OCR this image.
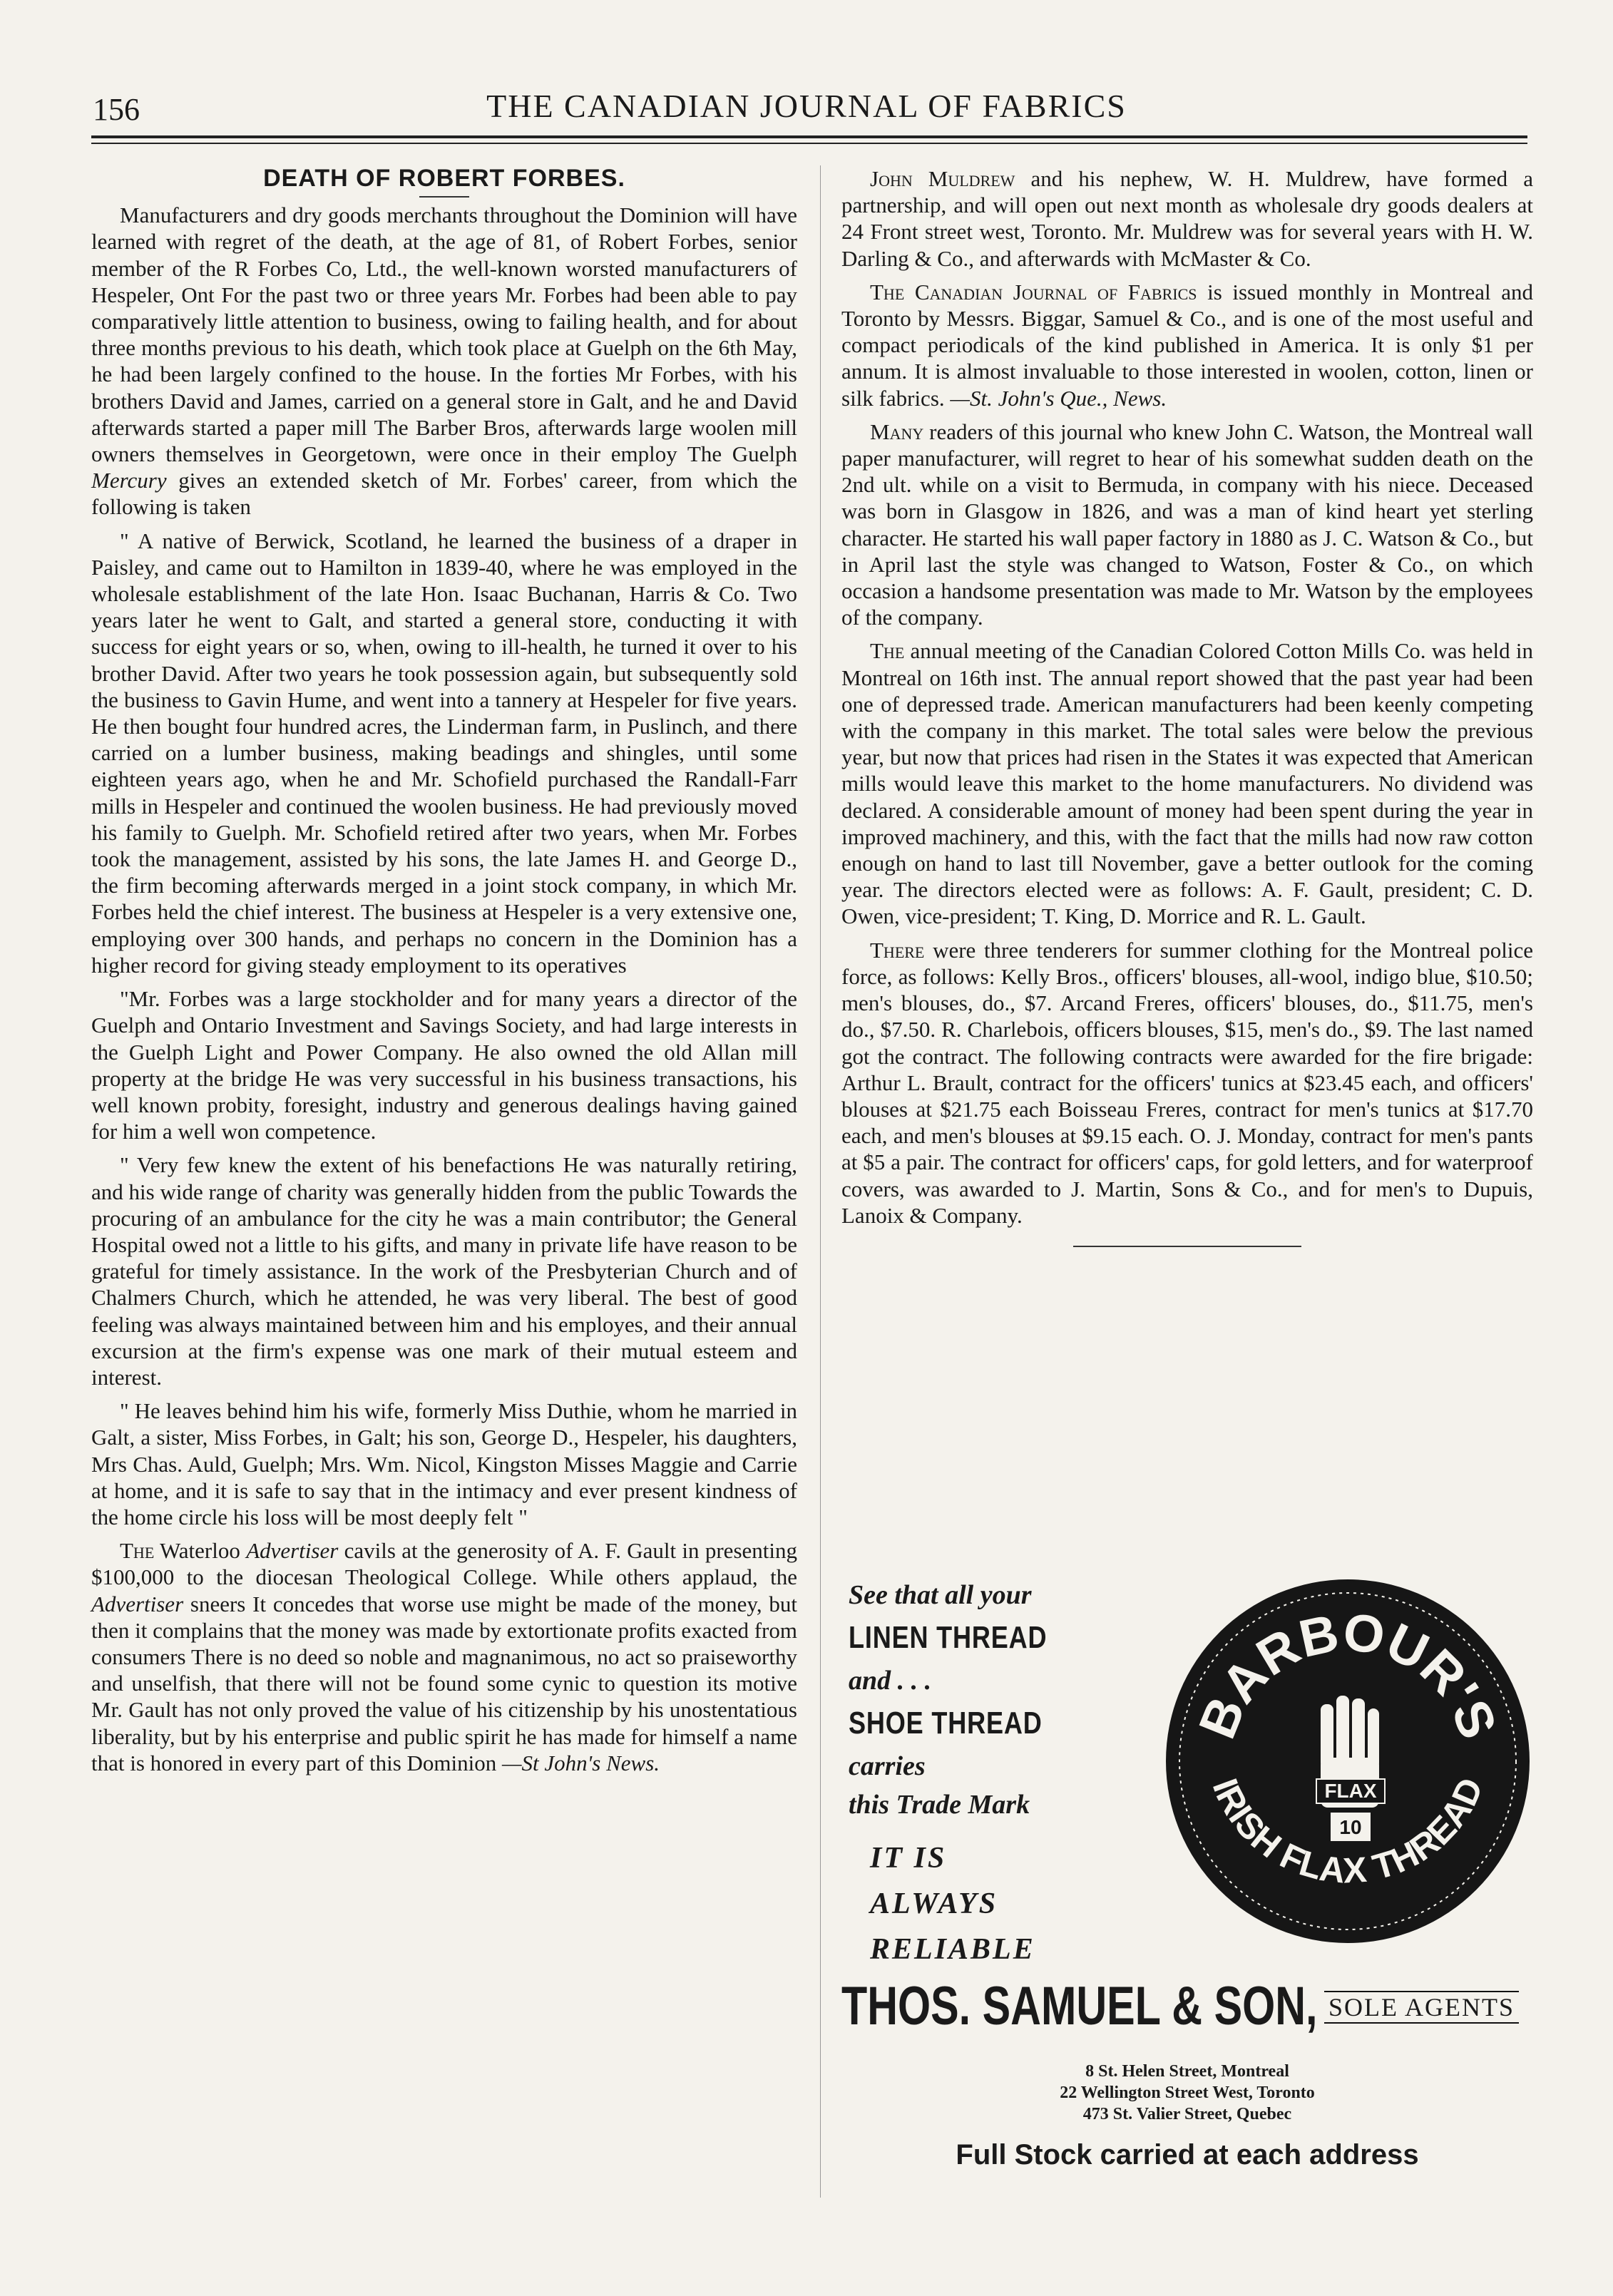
156	THE CANADIAN JOURNAL OF FABRICS
DEATH OF ROBERT FORBES.

Manufacturers and dry goods merchants throughout the Dominion will have learned with regret of the death, at the age of 81, of Robert Forbes, senior member of the R Forbes Co, Ltd., the well-known worsted manufacturers of Hespeler, Ont For the past two or three years Mr. Forbes had been able to pay comparatively little attention to business, owing to failing health, and for about three months previous to his death, which took place at Guelph on the 6th May, he had been largely confined to the house. In the forties Mr Forbes, with his brothers David and James, carried on a general store in Galt, and he and David afterwards started a paper mill The Barber Bros, afterwards large woolen mill owners themselves in Georgetown, were once in their employ The Guelph Mercury gives an extended sketch of Mr. Forbes' career, from which the following is taken

" A native of Berwick, Scotland, he learned the business of a draper in Paisley, and came out to Hamilton in 1839-40, where he was employed in the wholesale establishment of the late Hon. Isaac Buchanan, Harris & Co. Two years later he went to Galt, and started a general store, conducting it with success for eight years or so, when, owing to ill-health, he turned it over to his brother David. After two years he took possession again, but subsequently sold the business to Gavin Hume, and went into a tannery at Hespeler for five years. He then bought four hundred acres, the Linderman farm, in Puslinch, and there carried on a lumber business, making beadings and shingles, until some eighteen years ago, when he and Mr. Schofield purchased the Randall-Farr mills in Hespeler and continued the woolen business. He had previously moved his family to Guelph. Mr. Schofield retired after two years, when Mr. Forbes took the management, assisted by his sons, the late James H. and George D., the firm becoming afterwards merged in a joint stock company, in which Mr. Forbes held the chief interest. The business at Hespeler is a very extensive one, employing over 300 hands, and perhaps no concern in the Dominion has a higher record for giving steady employment to its operatives

"Mr. Forbes was a large stockholder and for many years a director of the Guelph and Ontario Investment and Savings Society, and had large interests in the Guelph Light and Power Company. He also owned the old Allan mill property at the bridge He was very successful in his business transactions, his well known probity, foresight, industry and generous dealings having gained for him a well won competence.

" Very few knew the extent of his benefactions He was naturally retiring, and his wide range of charity was generally hidden from the public Towards the procuring of an ambulance for the city he was a main contributor; the General Hospital owed not a little to his gifts, and many in private life have reason to be grateful for timely assistance. In the work of the Presbyterian Church and of Chalmers Church, which he attended, he was very liberal. The best of good feeling was always maintained between him and his employes, and their annual excursion at the firm's expense was one mark of their mutual esteem and interest.

" He leaves behind him his wife, formerly Miss Duthie, whom he married in Galt, a sister, Miss Forbes, in Galt; his son, George D., Hespeler, his daughters, Mrs Chas. Auld, Guelph; Mrs. Wm. Nicol, Kingston Misses Maggie and Carrie at home, and it is safe to say that in the intimacy and ever present kindness of the home circle his loss will be most deeply felt "

The Waterloo Advertiser cavils at the generosity of A. F. Gault in presenting $100,000 to the diocesan Theological College. While others applaud, the Advertiser sneers It concedes that worse use might be made of the money, but then it complains that the money was made by extortionate profits exacted from consumers There is no deed so noble and magnanimous, no act so praiseworthy and unselfish, that there will not be found some cynic to question its motive Mr. Gault has not only proved the value of his citizenship by his unostentatious liberality, but by his enterprise and public spirit he has made for himself a name that is honored in every part of this Dominion —St John's News.

John Muldrew and his nephew, W. H. Muldrew, have formed a partnership, and will open out next month as wholesale dry goods dealers at 24 Front street west, Toronto. Mr. Muldrew was for several years with H. W. Darling & Co., and afterwards with McMaster & Co.

The Canadian Journal of Fabrics is issued monthly in Montreal and Toronto by Messrs. Biggar, Samuel & Co., and is one of the most useful and compact periodicals of the kind published in America. It is only $1 per annum. It is almost invaluable to those interested in woolen, cotton, linen or silk fabrics. —St. John's Que., News.

Many readers of this journal who knew John C. Watson, the Montreal wall paper manufacturer, will regret to hear of his somewhat sudden death on the 2nd ult. while on a visit to Bermuda, in company with his niece. Deceased was born in Glasgow in 1826, and was a man of kind heart yet sterling character. He started his wall paper factory in 1880 as J. C. Watson & Co., but in April last the style was changed to Watson, Foster & Co., on which occasion a handsome presentation was made to Mr. Watson by the employees of the company.

The annual meeting of the Canadian Colored Cotton Mills Co. was held in Montreal on 16th inst. The annual report showed that the past year had been one of depressed trade. American manufacturers had been keenly competing with the company in this market. The total sales were below the previous year, but now that prices had risen in the States it was expected that American mills would leave this market to the home manufacturers. No dividend was declared. A considerable amount of money had been spent during the year in improved machinery, and this, with the fact that the mills had now raw cotton enough on hand to last till November, gave a better outlook for the coming year. The directors elected were as follows: A. F. Gault, president; C. D. Owen, vice-president; T. King, D. Morrice and R. L. Gault.

There were three tenderers for summer clothing for the Montreal police force, as follows: Kelly Bros., officers' blouses, all-wool, indigo blue, $10.50; men's blouses, do., $7. Arcand Freres, officers' blouses, do., $11.75, men's do., $7.50. R. Charlebois, officers blouses, $15, men's do., $9. The last named got the contract. The following contracts were awarded for the fire brigade: Arthur L. Brault, contract for the officers' tunics at $23.45 each, and officers' blouses at $21.75 each Boisseau Freres, contract for men's tunics at $17.70 each, and men's blouses at $9.15 each. O. J. Monday, contract for men's pants at $5 a pair. The contract for officers' caps, for gold letters, and for waterproof covers, was awarded to J. Martin, Sons & Co., and for men's to Dupuis, Lanoix & Company.

See that all your
LINEN THREAD
and . . .
SHOE THREAD
carries
this Trade Mark
IT IS
ALWAYS
RELIABLE
BARBOUR'S
IRISH FLAX THREAD
FLAX
10
THOS. SAMUEL & SON, SOLE AGENTS
8 St. Helen Street, Montreal
22 Wellington Street West, Toronto
473 St. Valier Street, Quebec
Full Stock carried at each address
